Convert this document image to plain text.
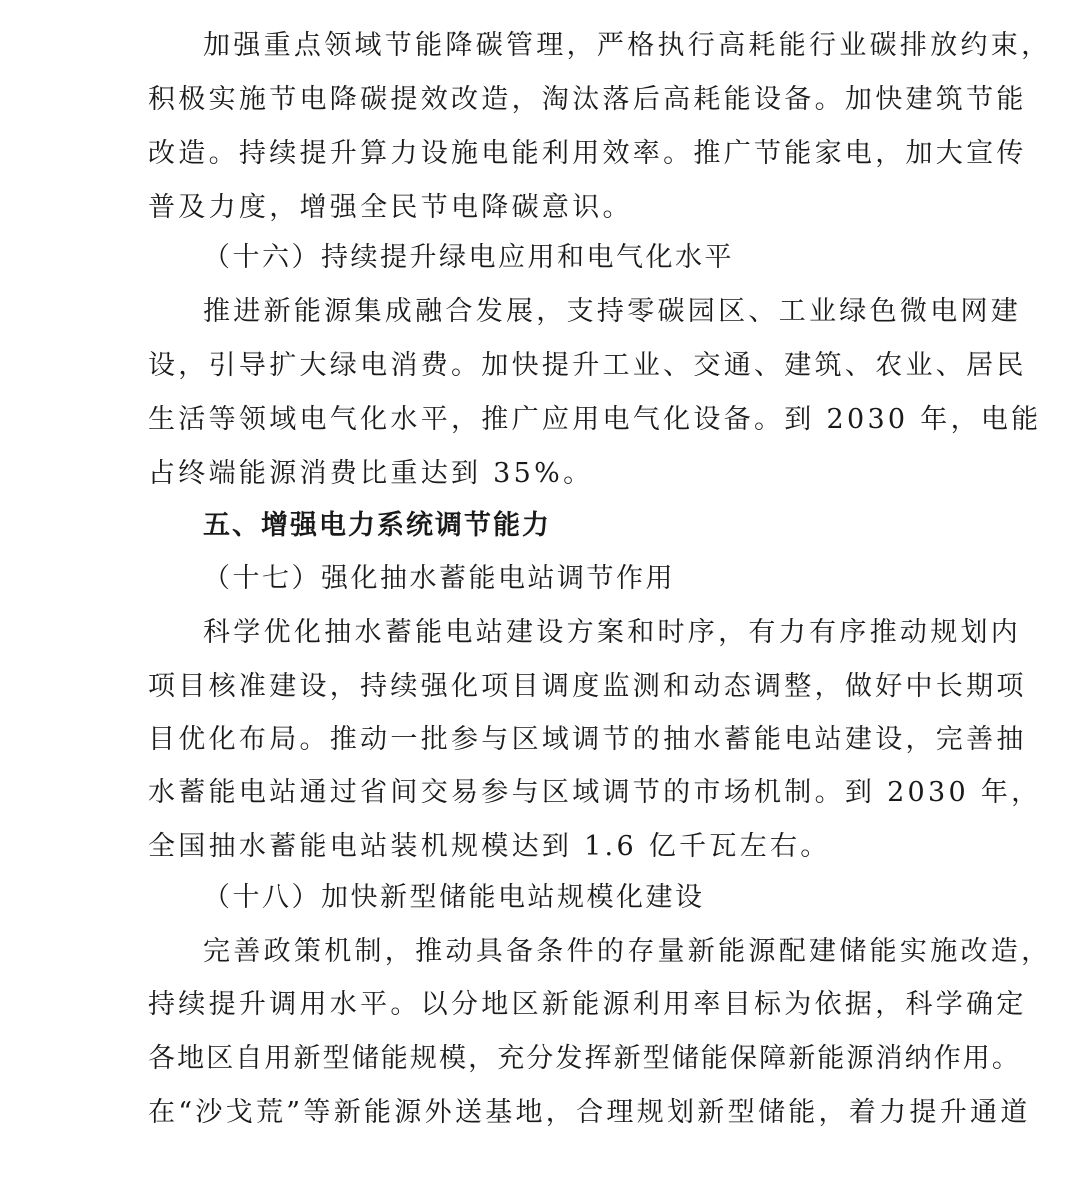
加强重点领域节能降碳管理，严格执行高耗能行业碳排放约束，
积极实施节电降碳提效改造，淘汰落后高耗能设备。加快建筑节能
改造。持续提升算力设施电能利用效率。推广节能家电，加大宣传
普及力度，增强全民节电降碳意识。
（十六）持续提升绿电应用和电气化水平
推进新能源集成融合发展，支持零碳园区、工业绿色微电网建
设，引导扩大绿电消费。加快提升工业、交通、建筑、农业、居民
生活等领域电气化水平，推广应用电气化设备。到 2030 年，电能
占终端能源消费比重达到 35%。
五、增强电力系统调节能力
（十七）强化抽水蓄能电站调节作用
科学优化抽水蓄能电站建设方案和时序，有力有序推动规划内
项目核准建设，持续强化项目调度监测和动态调整，做好中长期项
目优化布局。推动一批参与区域调节的抽水蓄能电站建设，完善抽
水蓄能电站通过省间交易参与区域调节的市场机制。到 2030 年，
全国抽水蓄能电站装机规模达到 1.6 亿千瓦左右。
（十八）加快新型储能电站规模化建设
完善政策机制，推动具备条件的存量新能源配建储能实施改造，
持续提升调用水平。以分地区新能源利用率目标为依据，科学确定
各地区自用新型储能规模，充分发挥新型储能保障新能源消纳作用。
在“沙戈荒”等新能源外送基地，合理规划新型储能，着力提升通道
